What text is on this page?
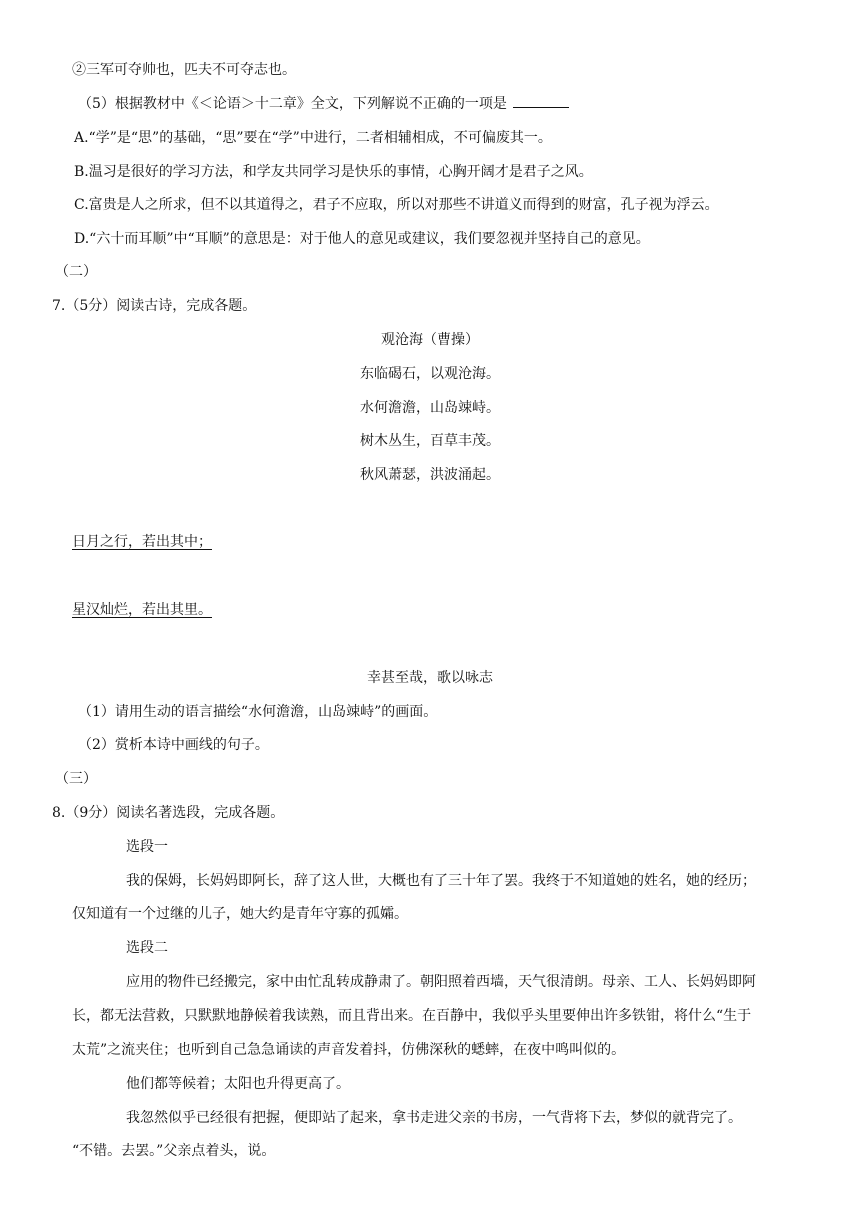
②三军可夺帅也，匹夫不可夺志也。
（5）根据教材中《＜论语＞十二章》全文，下列解说不正确的一项是
A.“学”是“思”的基础，“思”要在“学”中进行，二者相辅相成，不可偏废其一。
B.温习是很好的学习方法，和学友共同学习是快乐的事情，心胸开阔才是君子之风。
C.富贵是人之所求，但不以其道得之，君子不应取，所以对那些不讲道义而得到的财富，孔子视为浮云。
D.“六十而耳顺”中“耳顺”的意思是：对于他人的意见或建议，我们要忽视并坚持自己的意见。
（二）
7.（5分）阅读古诗，完成各题。
观沧海（曹操）
东临碣石，以观沧海。
水何澹澹，山岛竦峙。
树木丛生，百草丰茂。
秋风萧瑟，洪波涌起。
日月之行，若出其中；
星汉灿烂，若出其里。
幸甚至哉，歌以咏志
（1）请用生动的语言描绘“水何澹澹，山岛竦峙”的画面。
（2）赏析本诗中画线的句子。
（三）
8.（9分）阅读名著选段，完成各题。
选段一
我的保姆，长妈妈即阿长，辞了这人世，大概也有了三十年了罢。我终于不知道她的姓名，她的经历；
仅知道有一个过继的儿子，她大约是青年守寡的孤孀。
选段二
应用的物件已经搬完，家中由忙乱转成静肃了。朝阳照着西墙，天气很清朗。母亲、工人、长妈妈即阿
长，都无法营救，只默默地静候着我读熟，而且背出来。在百静中，我似乎头里要伸出许多铁钳，将什么“生于
太荒”之流夹住；也听到自己急急诵读的声音发着抖，仿佛深秋的蟋蟀，在夜中鸣叫似的。
他们都等候着；太阳也升得更高了。
我忽然似乎已经很有把握，便即站了起来，拿书走进父亲的书房，一气背将下去，梦似的就背完了。
“不错。去罢。”父亲点着头，说。
